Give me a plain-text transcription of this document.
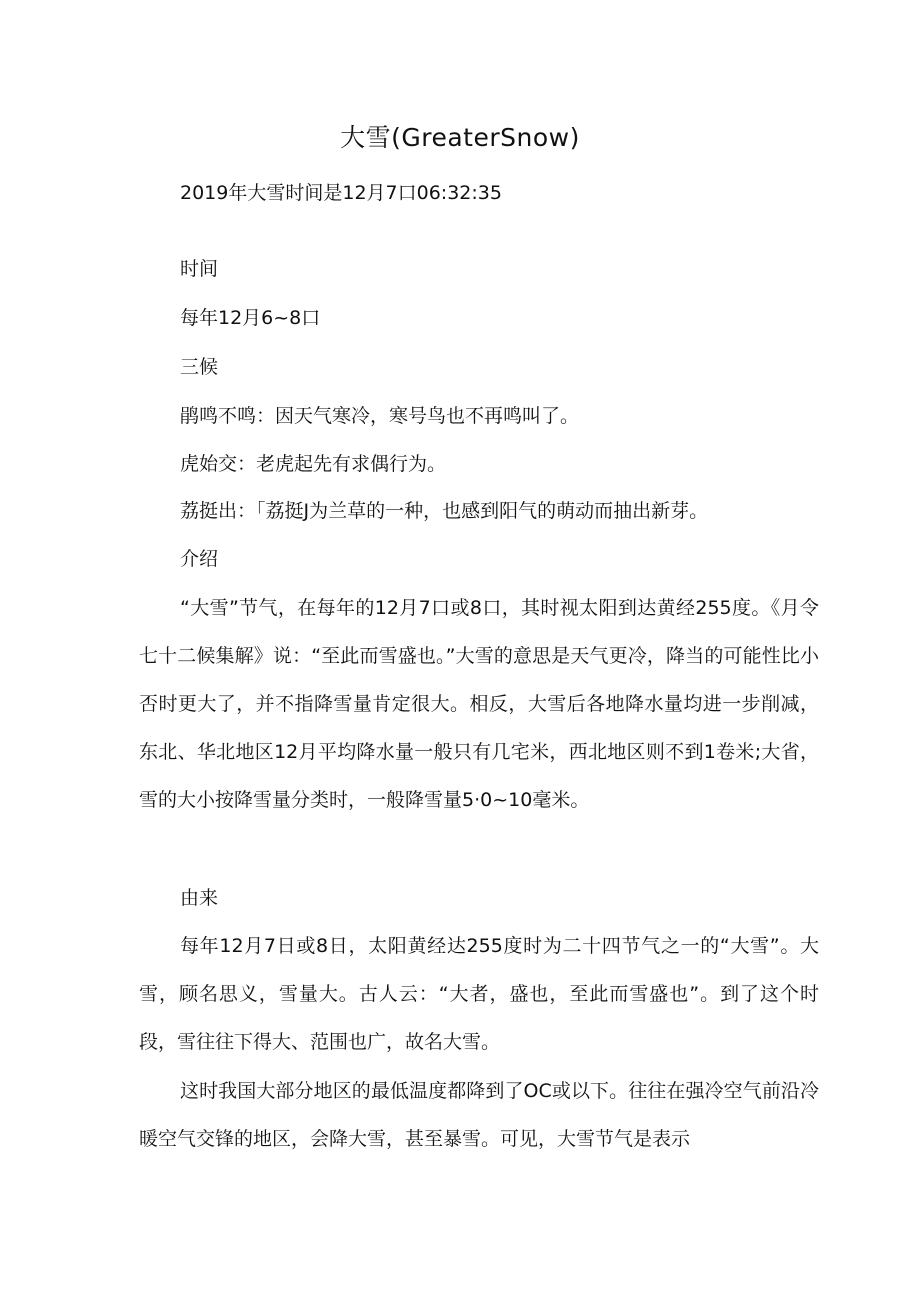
大雪(GreaterSnow)

2019年大雪时间是12月7口06:32:35

时间

每年12月6~8口

三候

鹃鸣不鸣：因天气寒冷，寒号鸟也不再鸣叫了。

虎始交：老虎起先有求偶行为。

荔挺出：「荔挺J为兰草的一种，也感到阳气的萌动而抽出新芽。

介绍

“大雪”节气，在每年的12月7口或8口，其时视太阳到达黄经255度。《月令七十二候集解》说：“至此而雪盛也。”大雪的意思是天气更冷，降当的可能性比小否时更大了，并不指降雪量肯定很大。相反，大雪后各地降水量均进一步削减，东北、华北地区12月平均降水量一般只有几宅米，西北地区则不到1卷米;大省，雪的大小按降雪量分类时，一般降雪量5·0~10毫米。

由来

每年12月7日或8日，太阳黄经达255度时为二十四节气之一的“大雪”。大雪，顾名思义，雪量大。古人云：“大者，盛也，至此而雪盛也”。到了这个时段，雪往往下得大、范围也广，故名大雪。

这时我国大部分地区的最低温度都降到了OC或以下。往往在强冷空气前沿冷暖空气交锋的地区，会降大雪，甚至暴雪。可见，大雪节气是表示
